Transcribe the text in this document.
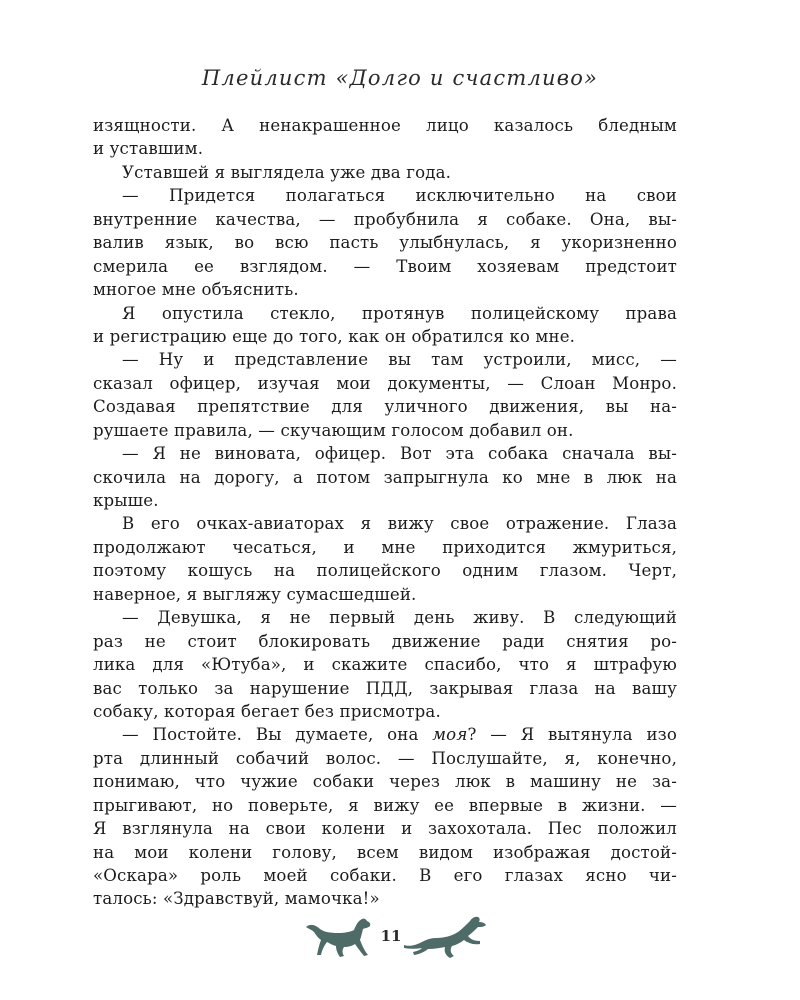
Плейлист «Долго и счастливо»
изящности. А ненакрашенное лицо казалось бледным
и уставшим.
Уставшей я выглядела уже два года.
— Придется полагаться исключительно на свои
внутренние качества, — пробубнила я собаке. Она, вы-
валив язык, во всю пасть улыбнулась, я укоризненно
смерила ее взглядом. — Твоим хозяевам предстоит
многое мне объяснить.
Я опустила стекло, протянув полицейскому права
и регистрацию еще до того, как он обратился ко мне.
— Ну и представление вы там устроили, мисс, —
сказал офицер, изучая мои документы, — Слоан Монро.
Создавая препятствие для уличного движения, вы на-
рушаете правила, — скучающим голосом добавил он.
— Я не виновата, офицер. Вот эта собака сначала вы-
скочила на дорогу, а потом запрыгнула ко мне в люк на
крыше.
В его очках-авиаторах я вижу свое отражение. Глаза
продолжают чесаться, и мне приходится жмуриться,
поэтому кошусь на полицейского одним глазом. Черт,
наверное, я выгляжу сумасшедшей.
— Девушка, я не первый день живу. В следующий
раз не стоит блокировать движение ради снятия ро-
лика для «Ютуба», и скажите спасибо, что я штрафую
вас только за нарушение ПДД, закрывая глаза на вашу
собаку, которая бегает без присмотра.
— Постойте. Вы думаете, она моя? — Я вытянула изо
рта длинный собачий волос. — Послушайте, я, конечно,
понимаю, что чужие собаки через люк в машину не за-
прыгивают, но поверьте, я вижу ее впервые в жизни. —
Я взглянула на свои колени и захохотала. Пес положил
на мои колени голову, всем видом изображая достой-
«Оскара» роль моей собаки. В его глазах ясно чи-
талось: «Здравствуй, мамочка!»
11
